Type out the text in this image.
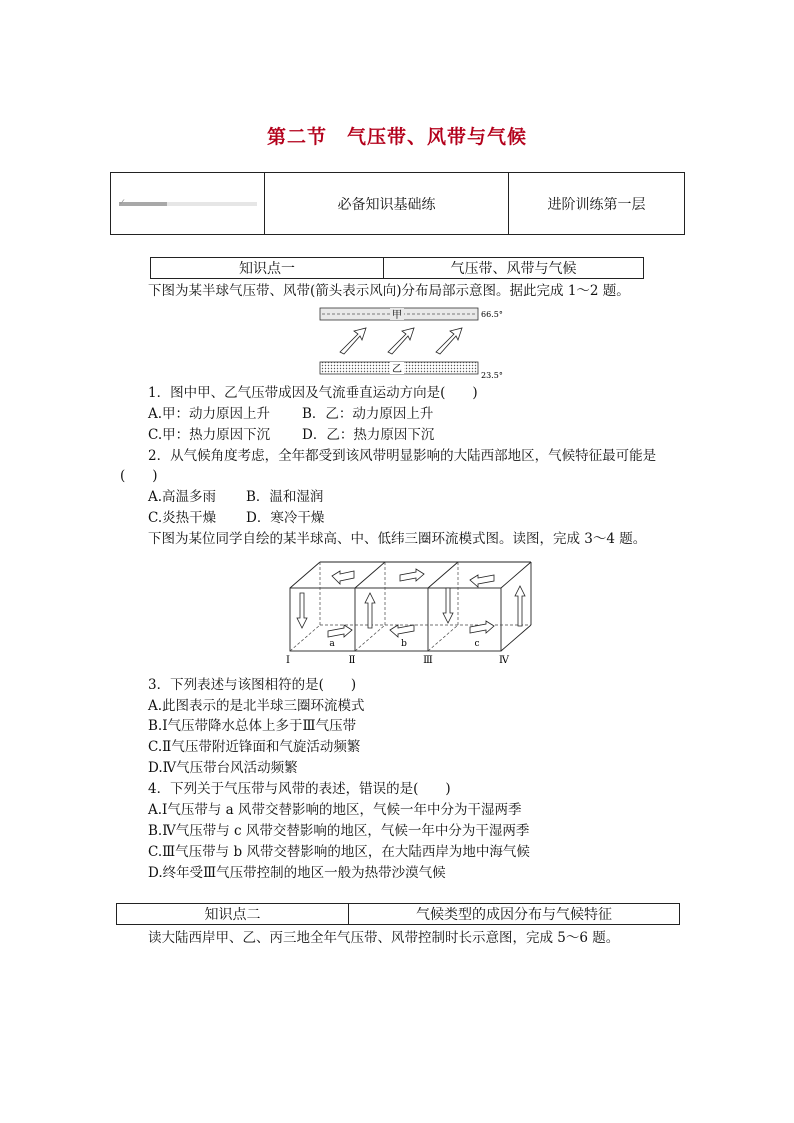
第二节　气压带、风带与气候
✓	必备知识基础练	进阶训练第一层
知识点一	气压带、风带与气候
下图为某半球气压带、风带(箭头表示风向)分布局部示意图。据此完成 1～2 题。
甲	66.5°
乙
23.5°
1．图中甲、乙气压带成因及气流垂直运动方向是(　　)
A.甲：动力原因上升 B．乙：动力原因上升
C.甲：热力原因下沉 D．乙：热力原因下沉
2．从气候角度考虑，全年都受到该风带明显影响的大陆西部地区，气候特征最可能是
(　　)
A.高温多雨 B．温和湿润
C.炎热干燥 D．寒冷干燥
下图为某位同学自绘的某半球高、中、低纬三圈环流模式图。读图，完成 3～4 题。
a	b	c
Ⅰ	Ⅱ	Ⅲ	Ⅳ
3．下列表述与该图相符的是(　　)
A.此图表示的是北半球三圈环流模式
B.Ⅰ气压带降水总体上多于Ⅲ气压带
C.Ⅱ气压带附近锋面和气旋活动频繁
D.Ⅳ气压带台风活动频繁
4．下列关于气压带与风带的表述，错误的是(　　)
A.Ⅰ气压带与 a 风带交替影响的地区，气候一年中分为干湿两季
B.Ⅳ气压带与 c 风带交替影响的地区，气候一年中分为干湿两季
C.Ⅲ气压带与 b 风带交替影响的地区，在大陆西岸为地中海气候
D.终年受Ⅲ气压带控制的地区一般为热带沙漠气候
知识点二	气候类型的成因分布与气候特征
读大陆西岸甲、乙、丙三地全年气压带、风带控制时长示意图，完成 5～6 题。
